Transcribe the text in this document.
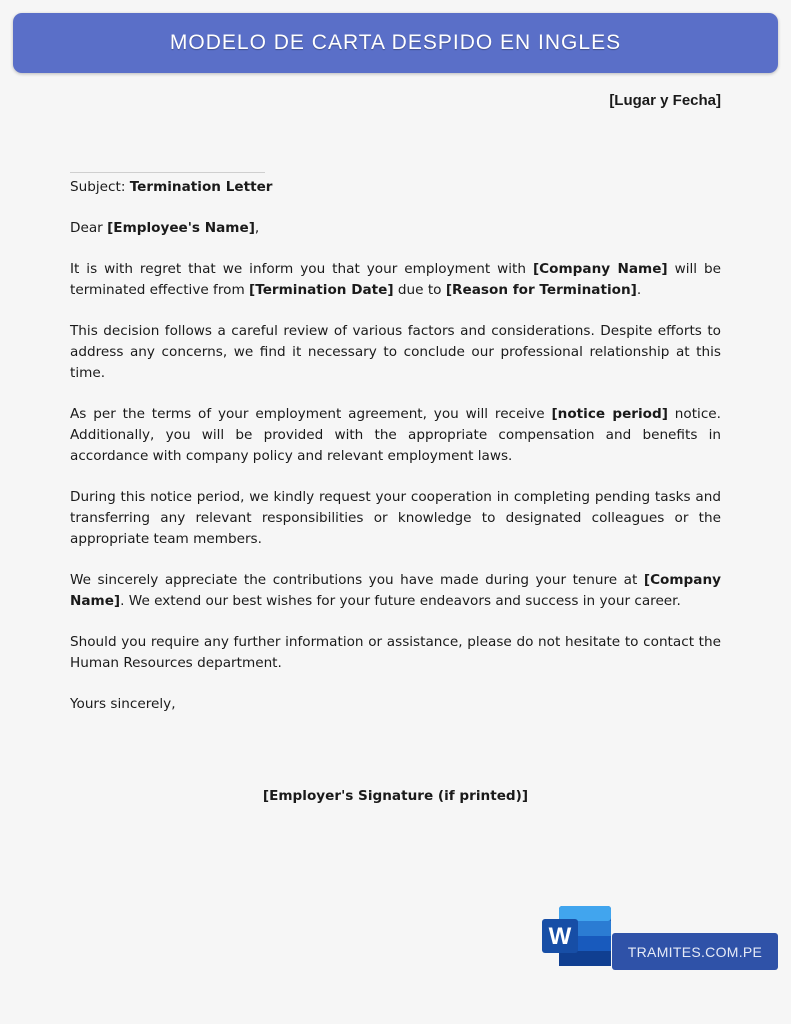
MODELO DE CARTA DESPIDO EN INGLES
[Lugar y Fecha]

Subject: Termination Letter

Dear [Employee's Name],

It is with regret that we inform you that your employment with [Company Name] will be terminated effective from [Termination Date] due to [Reason for Termination].

This decision follows a careful review of various factors and considerations. Despite efforts to address any concerns, we find it necessary to conclude our professional relationship at this time.

As per the terms of your employment agreement, you will receive [notice period] notice. Additionally, you will be provided with the appropriate compensation and benefits in accordance with company policy and relevant employment laws.

During this notice period, we kindly request your cooperation in completing pending tasks and transferring any relevant responsibilities or knowledge to designated colleagues or the appropriate team members.

We sincerely appreciate the contributions you have made during your tenure at [Company Name]. We extend our best wishes for your future endeavors and success in your career.

Should you require any further information or assistance, please do not hesitate to contact the Human Resources department.

Yours sincerely,

[Employer's Signature (if printed)]
W
TRAMITES.COM.PE
